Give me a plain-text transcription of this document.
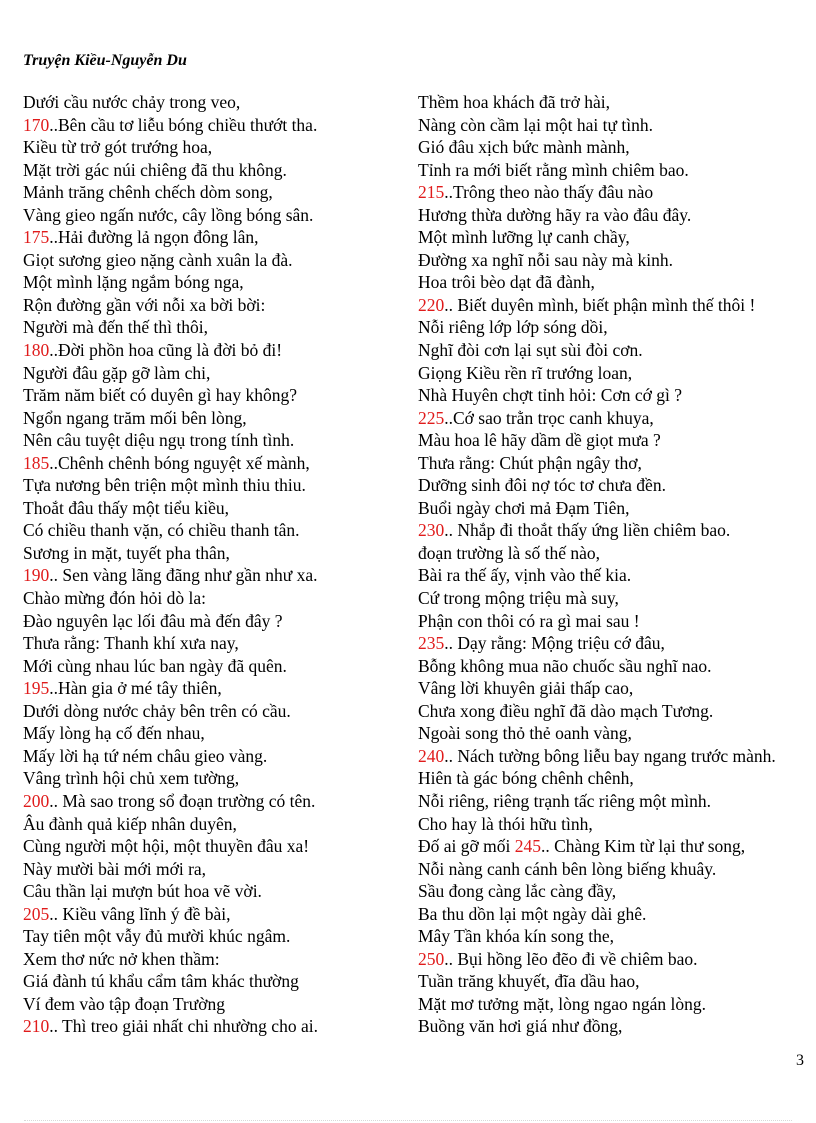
Truyện Kiều-Nguyễn Du
Dưới cầu nước chảy trong veo,
170..Bên cầu tơ liễu bóng chiều thướt tha.
Kiều từ trở gót trướng hoa,
Mặt trời gác núi chiêng đã thu không.
Mảnh trăng chênh chếch dòm song,
Vàng gieo ngấn nước, cây lồng bóng sân.
175..Hải đường lả ngọn đông lân,
Giọt sương gieo nặng cành xuân la đà.
Một mình lặng ngắm bóng nga,
Rộn đường gần với nỗi xa bời bời:
Người mà đến thế thì thôi,
180..Đời phồn hoa cũng là đời bỏ đi!
Người đâu gặp gỡ làm chi,
Trăm năm biết có duyên gì hay không?
Ngổn ngang trăm mối bên lòng,
Nên câu tuyệt diệu ngụ trong tính tình.
185..Chênh chênh bóng nguyệt xế mành,
Tựa nương bên triện một mình thiu thiu.
Thoắt đâu thấy một tiểu kiều,
Có chiều thanh vặn, có chiều thanh tân.
Sương in mặt, tuyết pha thân,
190.. Sen vàng lãng đãng như gần như xa.
Chào mừng đón hỏi dò la:
Đào nguyên lạc lối đâu mà đến đây ?
Thưa rằng: Thanh khí xưa nay,
Mới cùng nhau lúc ban ngày đã quên.
195..Hàn gia ở mé tây thiên,
Dưới dòng nước chảy bên trên có cầu.
Mấy lòng hạ cố đến nhau,
Mấy lời hạ tứ ném châu gieo vàng.
Vâng trình hội chủ xem tường,
200.. Mà sao trong sổ đoạn trường có tên.
Âu đành quả kiếp nhân duyên,
Cùng người một hội, một thuyền đâu xa!
Này mười bài mới mới ra,
Câu thần lại mượn bút hoa vẽ vời.
205.. Kiều vâng lĩnh ý đề bài,
Tay tiên một vẫy đủ mười khúc ngâm.
Xem thơ nức nở khen thầm:
Giá đành tú khẩu cẩm tâm khác thường
Ví đem vào tập đoạn Trường
210.. Thì treo giải nhất chi nhường cho ai.
Thềm hoa khách đã trở hài,
Nàng còn cầm lại một hai tự tình.
Gió đâu xịch bức mành mành,
Tỉnh ra mới biết rằng mình chiêm bao.
215..Trông theo nào thấy đâu nào
Hương thừa dường hãy ra vào đâu đây.
Một mình lưỡng lự canh chầy,
Đường xa nghĩ nỗi sau này mà kinh.
Hoa trôi bèo dạt đã đành,
220.. Biết duyên mình, biết phận mình thế thôi !
Nỗi riêng lớp lớp sóng dồi,
Nghĩ đòi cơn lại sụt sùi đòi cơn.
Giọng Kiều rền rĩ trướng loan,
Nhà Huyên chợt tỉnh hỏi: Cơn cớ gì ?
225..Cớ sao trằn trọc canh khuya,
Màu hoa lê hãy dầm dề giọt mưa ?
Thưa rằng: Chút phận ngây thơ,
Dưỡng sinh đôi nợ tóc tơ chưa đền.
Buổi ngày chơi mả Đạm Tiên,
230.. Nhắp đi thoắt thấy ứng liền chiêm bao.
đoạn trường là số thế nào,
Bài ra thế ấy, vịnh vào thế kia.
Cứ trong mộng triệu mà suy,
Phận con thôi có ra gì mai sau !
235.. Dạy rằng: Mộng triệu cớ đâu,
Bỗng không mua não chuốc sầu nghĩ nao.
Vâng lời khuyên giải thấp cao,
Chưa xong điều nghĩ đã dào mạch Tương.
Ngoài song thỏ thẻ oanh vàng,
240.. Nách tường bông liễu bay ngang trước mành.
Hiên tà gác bóng chênh chênh,
Nỗi riêng, riêng trạnh tấc riêng một mình.
Cho hay là thói hữu tình,
Đố ai gỡ mối 245.. Chàng Kim từ lại thư song,
Nỗi nàng canh cánh bên lòng biếng khuây.
Sầu đong càng lắc càng đầy,
Ba thu dồn lại một ngày dài ghê.
Mây Tần khóa kín song the,
250.. Bụi hồng lẽo đẽo đi về chiêm bao.
Tuần trăng khuyết, đĩa dầu hao,
Mặt mơ tưởng mặt, lòng ngao ngán lòng.
Buồng văn hơi giá như đồng,
3
